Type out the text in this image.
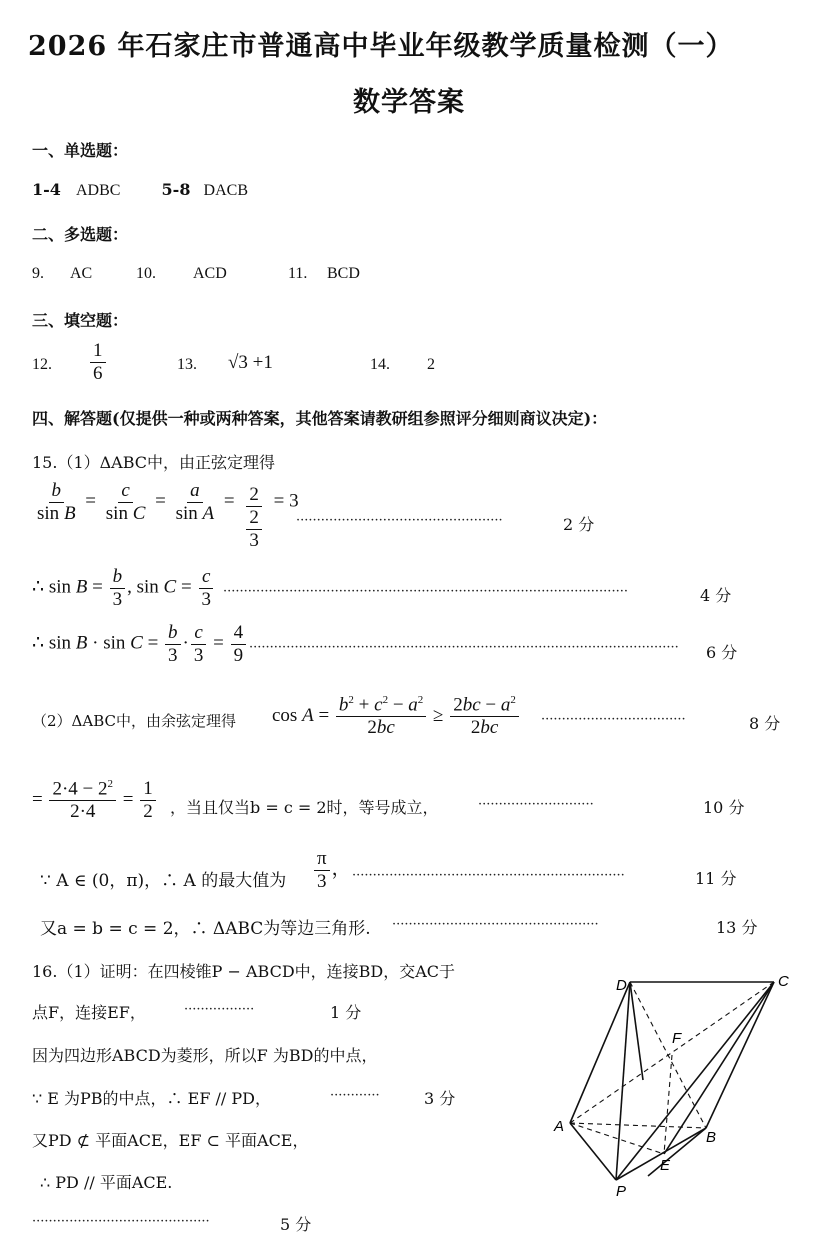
2026 年石家庄市普通高中毕业年级教学质量检测（一）
数学答案
一、单选题：
1-4 ADBC	5-8 DACB
二、多选题：
9. AC	10. ACD	11. BCD
三、填空题：
12. $\frac{1}{6}$	13. √3 +1	14. 2
四、解答题(仅提供一种或两种答案，其他答案请教研组参照评分细则商议决定)：
15.（1）ΔABC中，由正弦定理得
$\frac{b}{\text{sin B}} = \frac{c}{\text{sin C}} = \frac{a}{\text{sin A}} = \frac{2}{\frac{2}{3}} = 3$
··················································	2 分
∴ $\sin B = \frac{b}{3}$ , $\sin C = \frac{c}{3}$ ··································································································	4 分
∴ $\sin B \cdot \sin C = \frac{b}{3} \cdot \frac{c}{3} = \frac{4}{9}$ ········································································································ 6 分
（2）ΔABC中，由余弦定理得 $\cos A = \frac{b^2 + c^2 - a^2}{2bc} \ge \frac{2bc - a^2}{2bc}$ ···································	8 分
= $\frac{2\cdot 4 - 2^2}{2\cdot 4} = \frac{1}{2}$ ，当且仅当b = c = 2时，等号成立，	····························	10 分
∵ A ∈ (0，π)，∴ A 的最大值为 $\frac{\pi}{3}$ ， ··································································	11 分
又a = b = c = 2，∴ ΔABC为等边三角形. ··················································	13 分
16.（1）证明：在四棱锥P − ABCD中，连接BD，交AC于
点F，连接EF，	·················	1 分
因为四边形ABCD为菱形，所以F 为BD的中点，
∵ E 为PB的中点，∴ EF // PD，	············	3 分
又PD ⊄ 平面ACE，EF ⊂ 平面ACE，
∴ PD // 平面ACE.
···········································	5 分
D	C
F
A
B
E
P
